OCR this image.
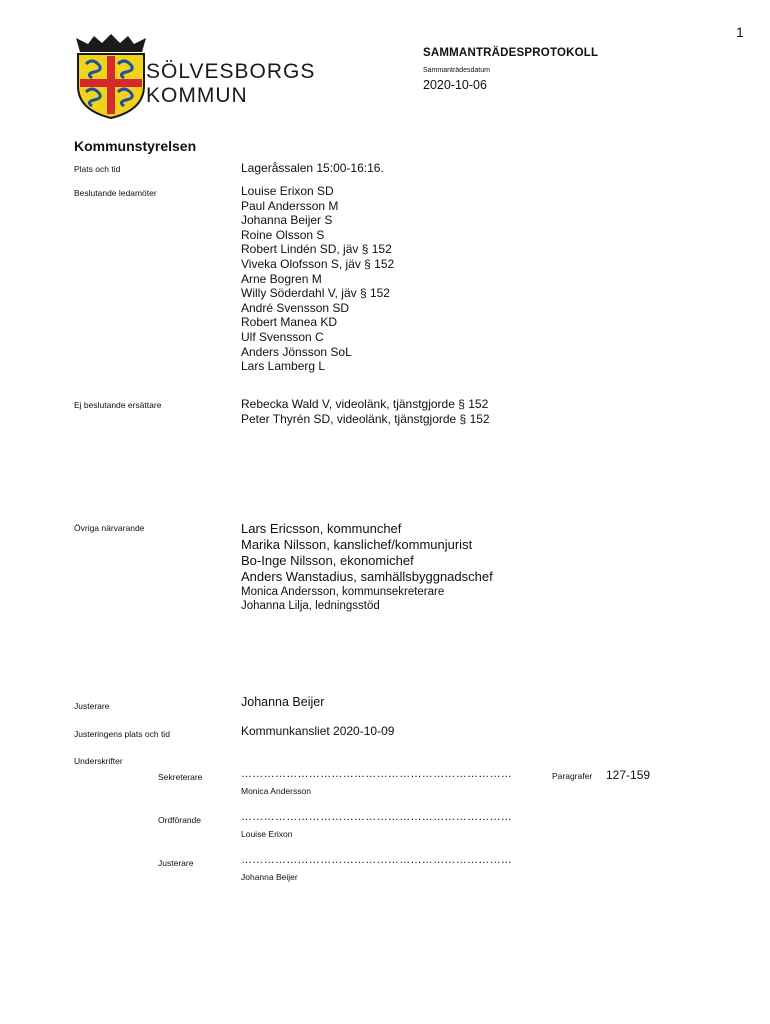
1
SÖLVESBORGS
KOMMUN
SAMMANTRÄDESPROTOKOLL
Sammanträdesdatum
2020-10-06
Kommunstyrelsen
Plats och tid	Lageråssalen 15:00-16:16.
Beslutande ledamöter	Louise Erixon SD
Paul Andersson M
Johanna Beijer S
Roine Olsson S
Robert Lindén SD, jäv § 152
Viveka Olofsson S, jäv § 152
Arne Bogren M
Willy Söderdahl V, jäv § 152
André Svensson SD
Robert Manea KD
Ulf Svensson C
Anders Jönsson SoL
Lars Lamberg L
Ej beslutande ersättare	Rebecka Wald V, videolänk, tjänstgjorde § 152
Peter Thyrén SD, videolänk, tjänstgjorde § 152
Övriga närvarande	Lars Ericsson, kommunchef
Marika Nilsson, kanslichef/kommunjurist
Bo-Inge Nilsson, ekonomichef
Anders Wanstadius, samhällsbyggnadschef
Monica Andersson, kommunsekreterare
Johanna Lilja, ledningsstöd
Justerare	Johanna Beijer
Justeringens plats och tid	Kommunkansliet 2020-10-09
Underskrifter
Sekreterare	………………………………………………………………
Monica Andersson
Paragrafer 127-159
Ordförande	………………………………………………………………
Louise Erixon
Justerare	………………………………………………………………
Johanna Beijer
